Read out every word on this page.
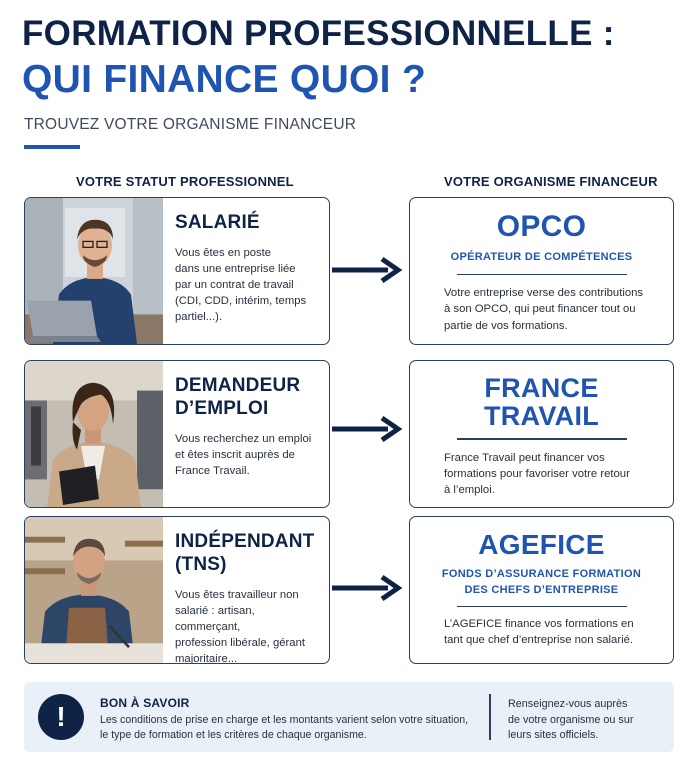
FORMATION PROFESSIONNELLE :
QUI FINANCE QUOI ?
TROUVEZ VOTRE ORGANISME FINANCEUR
VOTRE STATUT PROFESSIONNEL	VOTRE ORGANISME FINANCEUR
SALARIÉ
Vous êtes en poste
dans une entreprise liée
par un contrat de travail
(CDI, CDD, intérim, temps
partiel...).
OPCO
OPÉRATEUR DE COMPÉTENCES
Votre entreprise verse des contributions
à son OPCO, qui peut financer tout ou
partie de vos formations.
DEMANDEUR
D’EMPLOI
Vous recherchez un emploi
et êtes inscrit auprès de
France Travail.
FRANCE
TRAVAIL
France Travail peut financer vos
formations pour favoriser votre retour
à l’emploi.
INDÉPENDANT
(TNS)
Vous êtes travailleur non
salarié : artisan, commerçant,
profession libérale, gérant
majoritaire...
AGEFICE
FONDS D’ASSURANCE FORMATION
DES CHEFS D’ENTREPRISE
L’AGEFICE finance vos formations en
tant que chef d’entreprise non salarié.
!	BON À SAVOIR
Les conditions de prise en charge et les montants varient selon votre situation,
le type de formation et les critères de chaque organisme.
Renseignez-vous auprès
de votre organisme ou sur
leurs sites officiels.
